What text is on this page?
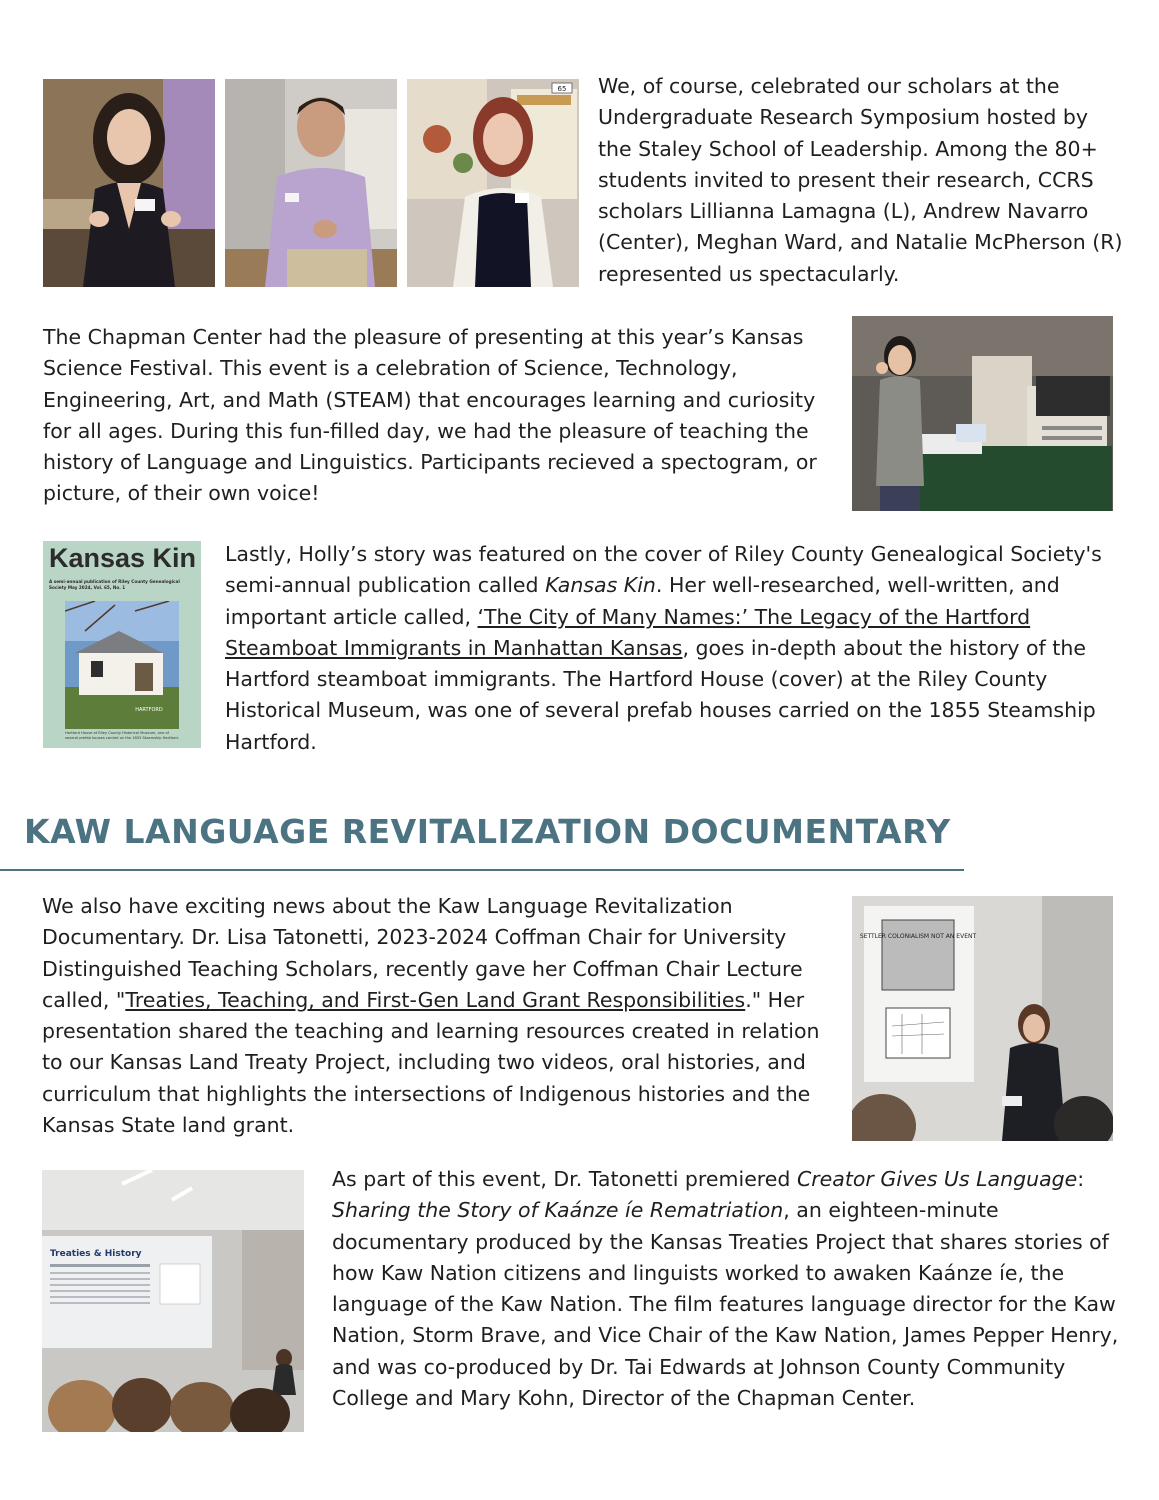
65 We, of course, celebrated our scholars at the Undergraduate Research Symposium hosted by the Staley School of Leadership. Among the 80+ students invited to present their research, CCRS scholars Lillianna Lamagna (L), Andrew Navarro (Center), Meghan Ward, and Natalie McPherson (R) represented us spectacularly.

The Chapman Center had the pleasure of presenting at this year’s Kansas Science Festival. This event is a celebration of Science, Technology, Engineering, Art, and Math (STEAM) that encourages learning and curiosity for all ages. During this fun-filled day, we had the pleasure of teaching the history of Language and Linguistics. Participants recieved a spectogram, or picture, of their own voice!

Kansas Kin
A semi-annual publication of Riley County Genealogical Society May 2024, Vol. 65, No. 1
HARTFORD
Hartford House at Riley County Historical Museum, one of several prefab houses carried on the 1855 Steamship Hartford.

Lastly, Holly’s story was featured on the cover of Riley County Genealogical Society's semi-annual publication called Kansas Kin. Her well-researched, well-written, and important article called, ‘The City of Many Names:’ The Legacy of the Hartford Steamboat Immigrants in Manhattan Kansas, goes in-depth about the history of the Hartford steamboat immigrants. The Hartford House (cover) at the Riley County Historical Museum, was one of several prefab houses carried on the 1855 Steamship Hartford.

KAW LANGUAGE REVITALIZATION DOCUMENTARY

We also have exciting news about the Kaw Language Revitalization Documentary. Dr. Lisa Tatonetti, 2023-2024 Coffman Chair for University Distinguished Teaching Scholars, recently gave her Coffman Chair Lecture called, "Treaties, Teaching, and First-Gen Land Grant Responsibilities." Her presentation shared the teaching and learning resources created in relation to our Kansas Land Treaty Project, including two videos, oral histories, and curriculum that highlights the intersections of Indigenous histories and the Kansas State land grant.

SETTLER COLONIALISM NOT AN EVENT
Treaties & History

As part of this event, Dr. Tatonetti premiered Creator Gives Us Language: Sharing the Story of Kaánze íe Rematriation, an eighteen-minute documentary produced by the Kansas Treaties Project that shares stories of how Kaw Nation citizens and linguists worked to awaken Kaánze íe, the language of the Kaw Nation. The film features language director for the Kaw Nation, Storm Brave, and Vice Chair of the Kaw Nation, James Pepper Henry, and was co-produced by Dr. Tai Edwards at Johnson County Community College and Mary Kohn, Director of the Chapman Center.
